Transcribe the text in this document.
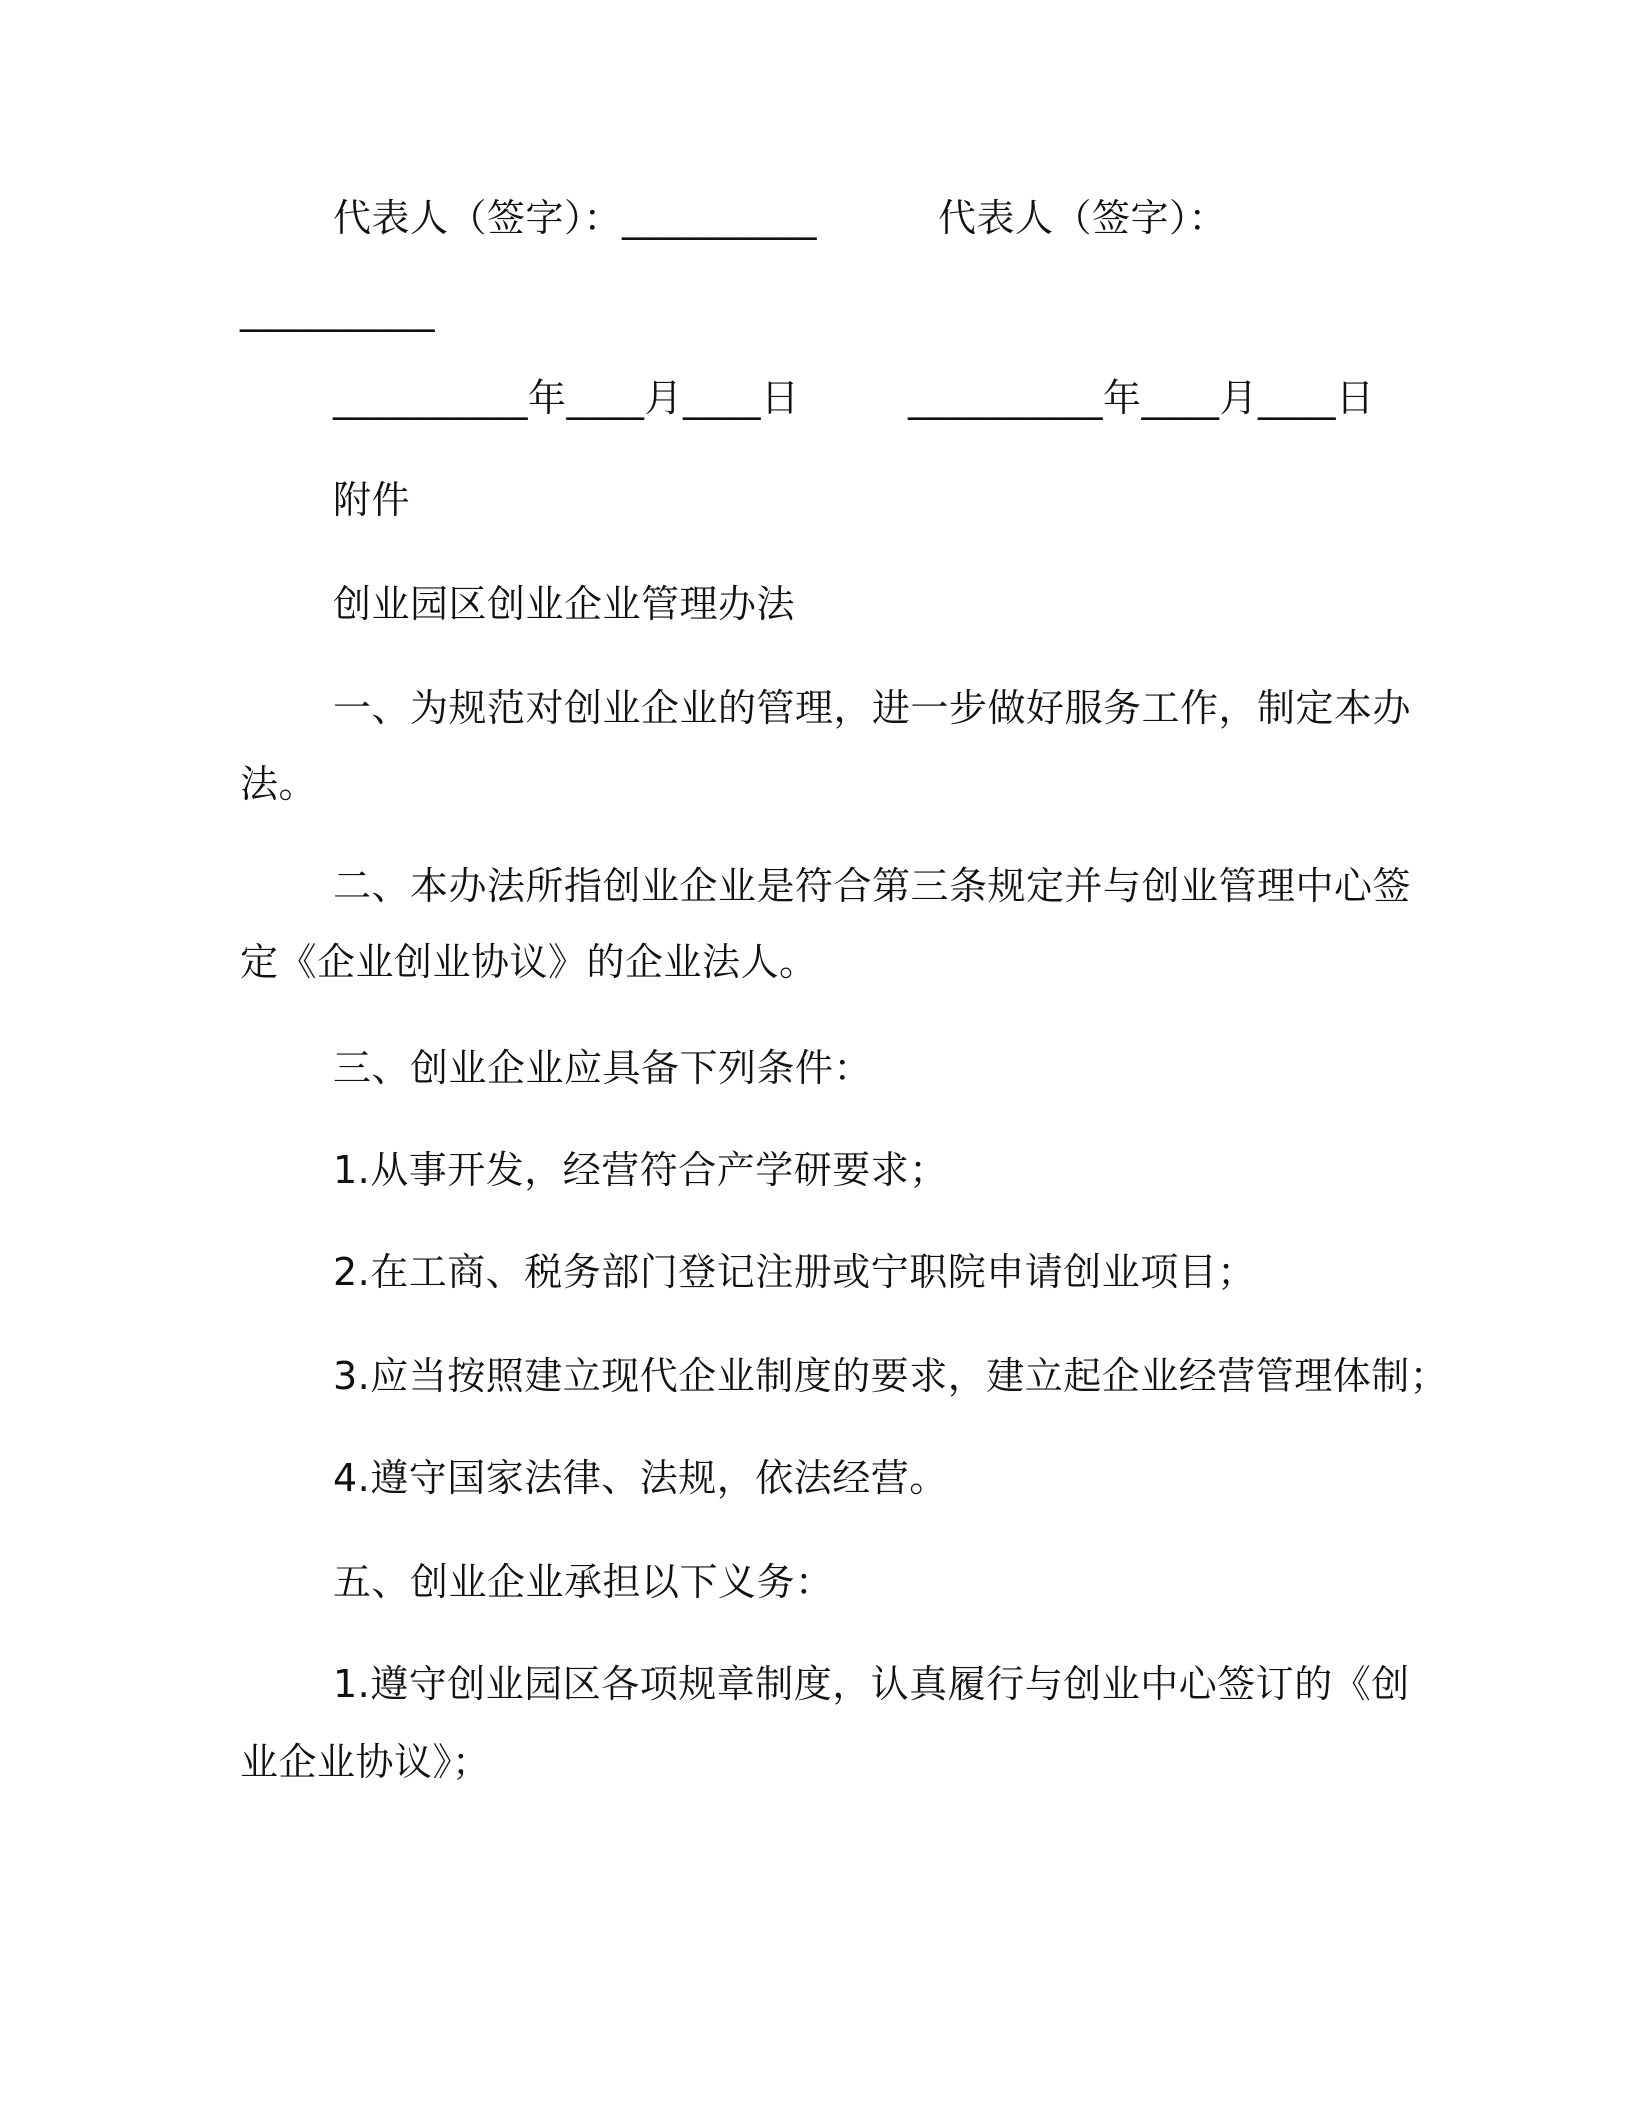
代表人（签字）：__________	代表人（签字）：
__________
__________年____月____日	__________年____月____日
附件
创业园区创业企业管理办法
一、为规范对创业企业的管理，进一步做好服务工作，制定本办
法。
二、本办法所指创业企业是符合第三条规定并与创业管理中心签
定《企业创业协议》的企业法人。
三、创业企业应具备下列条件：
1.从事开发，经营符合产学研要求；
2.在工商、税务部门登记注册或宁职院申请创业项目；
3.应当按照建立现代企业制度的要求，建立起企业经营管理体制；
4.遵守国家法律、法规，依法经营。
五、创业企业承担以下义务：
1.遵守创业园区各项规章制度，认真履行与创业中心签订的《创
业企业协议》；
